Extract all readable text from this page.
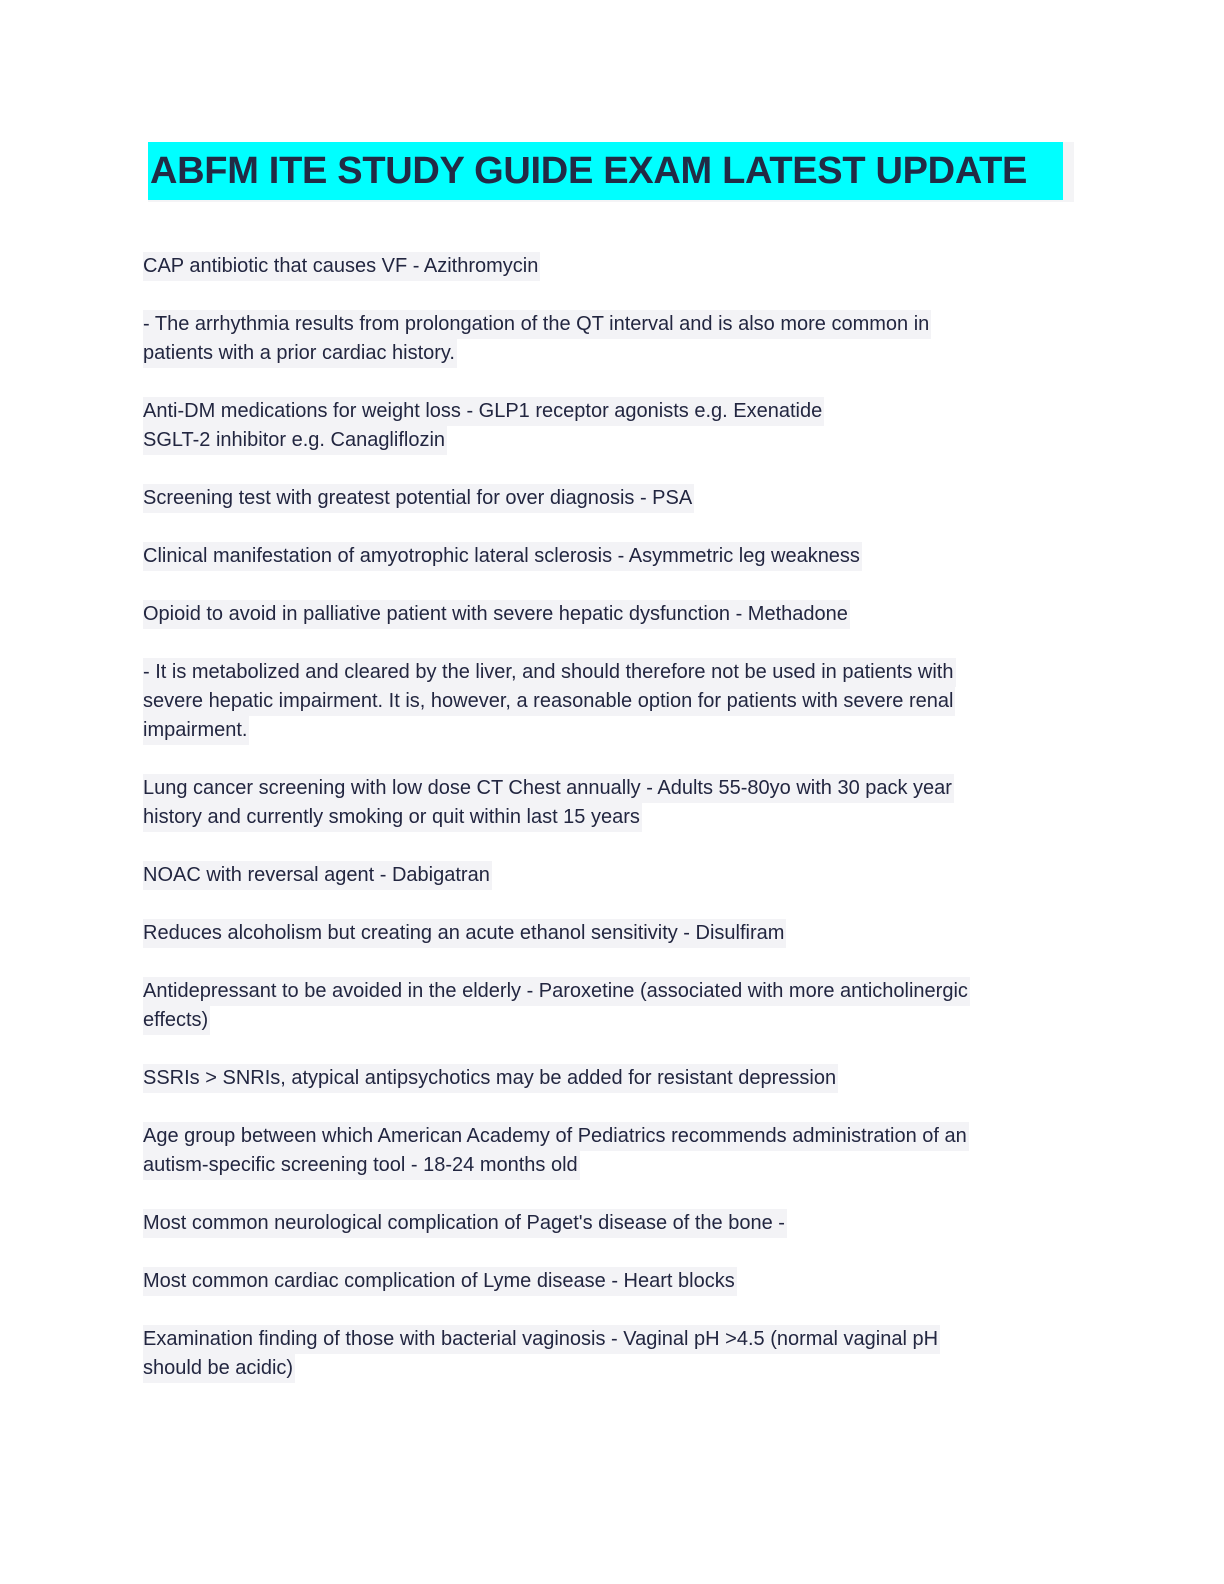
ABFM ITE STUDY GUIDE EXAM LATEST UPDATE
CAP antibiotic that causes VF - Azithromycin
- The arrhythmia results from prolongation of the QT interval and is also more common in
patients with a prior cardiac history.
Anti-DM medications for weight loss - GLP1 receptor agonists e.g. Exenatide
SGLT-2 inhibitor e.g. Canagliflozin
Screening test with greatest potential for over diagnosis - PSA
Clinical manifestation of amyotrophic lateral sclerosis - Asymmetric leg weakness
Opioid to avoid in palliative patient with severe hepatic dysfunction - Methadone
- It is metabolized and cleared by the liver, and should therefore not be used in patients with
severe hepatic impairment. It is, however, a reasonable option for patients with severe renal
impairment.
Lung cancer screening with low dose CT Chest annually - Adults 55-80yo with 30 pack year
history and currently smoking or quit within last 15 years
NOAC with reversal agent - Dabigatran
Reduces alcoholism but creating an acute ethanol sensitivity - Disulfiram
Antidepressant to be avoided in the elderly - Paroxetine (associated with more anticholinergic
effects)
SSRIs > SNRIs, atypical antipsychotics may be added for resistant depression
Age group between which American Academy of Pediatrics recommends administration of an
autism-specific screening tool - 18-24 months old
Most common neurological complication of Paget's disease of the bone -
Most common cardiac complication of Lyme disease - Heart blocks
Examination finding of those with bacterial vaginosis - Vaginal pH >4.5 (normal vaginal pH
should be acidic)
